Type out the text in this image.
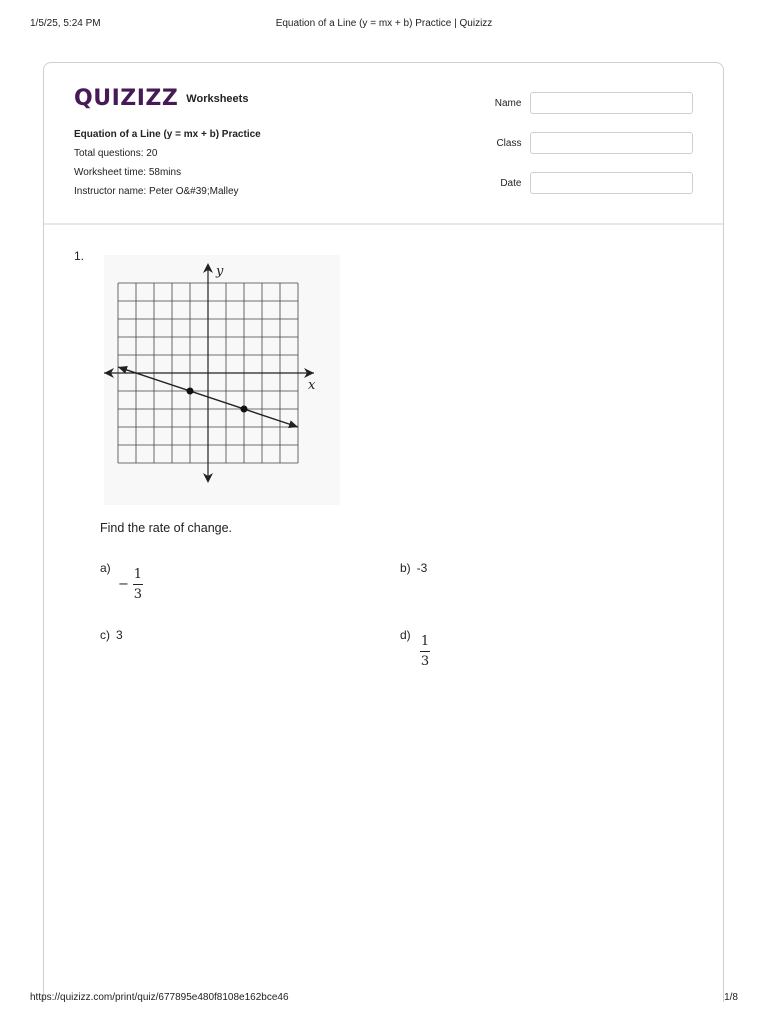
1/5/25, 5:24 PM	Equation of a Line (y = mx + b) Practice | Quizizz
QUIZIZZ Worksheets
Equation of a Line (y = mx + b) Practice
Total questions: 20
Worksheet time: 58mins
Instructor name: Peter O&#39;Malley
Name
Class
Date
1.
y
x
Find the rate of change.
a)
− $\frac{1}{3}$	b) -3
c) 3	$d) \frac{1}{3}$
https://quizizz.com/print/quiz/677895e480f8108e162bce46	1/8
